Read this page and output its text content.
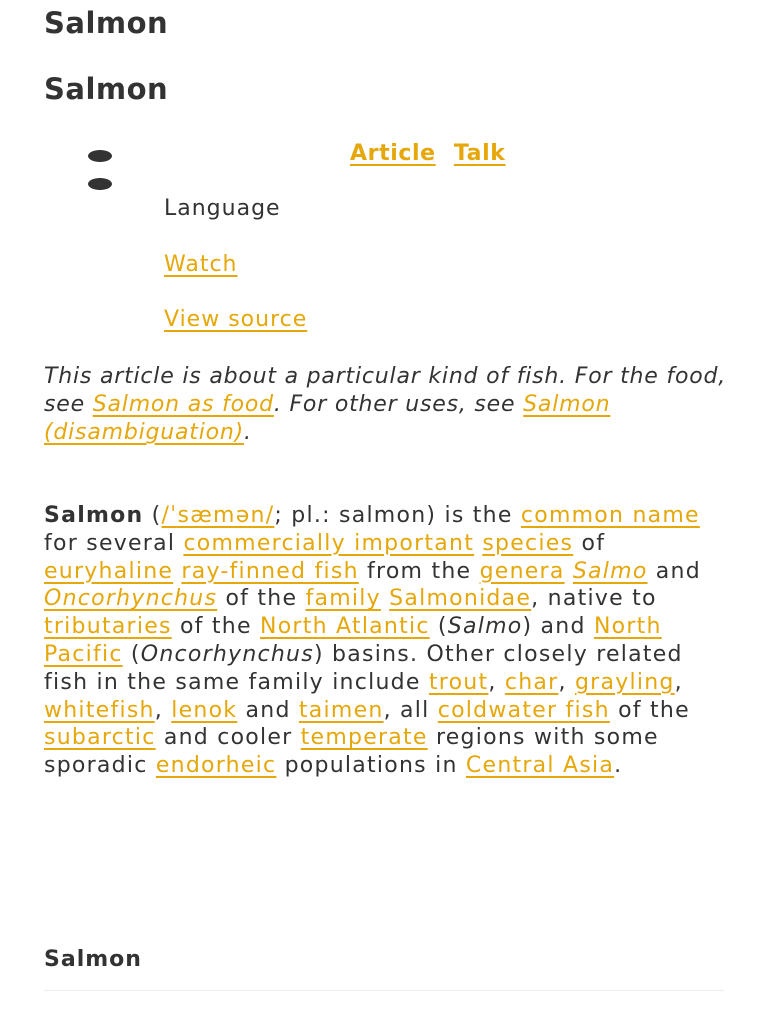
Salmon
Salmon
Article Talk
Language
Watch
View source

This article is about a particular kind of fish. For the food, see Salmon as food. For other uses, see Salmon (disambiguation).

Salmon (/ˈsæmən/; pl.: salmon) is the common name for several commercially important species of euryhaline ray-finned fish from the genera Salmo and Oncorhynchus of the family Salmonidae, native to tributaries of the North Atlantic (Salmo) and North Pacific (Oncorhynchus) basins. Other closely related fish in the same family include trout, char, grayling, whitefish, lenok and taimen, all coldwater fish of the subarctic and cooler temperate regions with some sporadic endorheic populations in Central Asia.

Salmon
